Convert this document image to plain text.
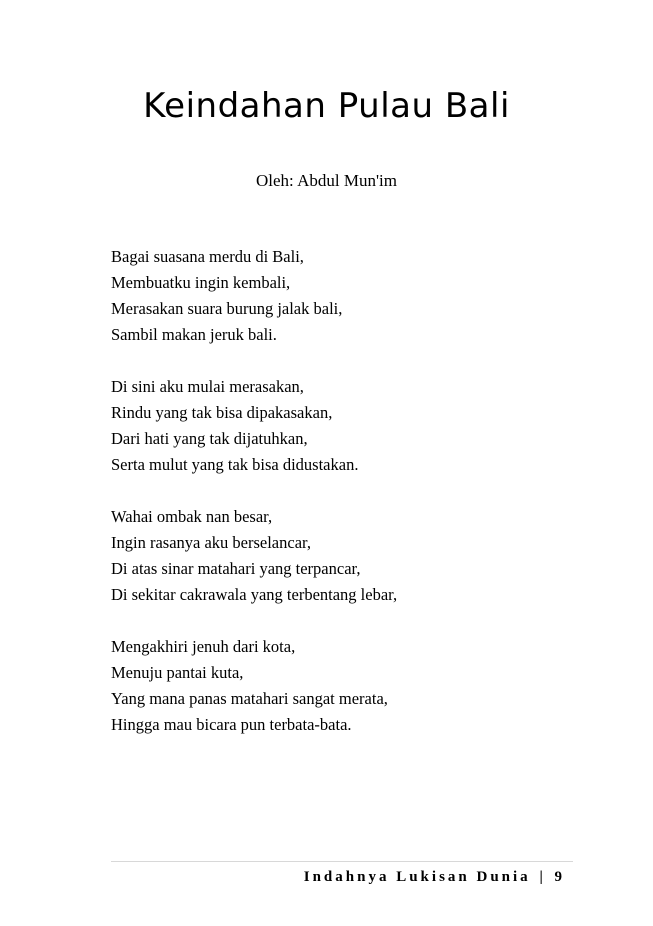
Keindahan Pulau Bali

Oleh: Abdul Mun'im

Bagai suasana merdu di Bali,
Membuatku ingin kembali,
Merasakan suara burung jalak bali,
Sambil makan jeruk bali.
Di sini aku mulai merasakan,
Rindu yang tak bisa dipakasakan,
Dari hati yang tak dijatuhkan,
Serta mulut yang tak bisa didustakan.
Wahai ombak nan besar,
Ingin rasanya aku berselancar,
Di atas sinar matahari yang terpancar,
Di sekitar cakrawala yang terbentang lebar,
Mengakhiri jenuh dari kota,
Menuju pantai kuta,
Yang mana panas matahari sangat merata,
Hingga mau bicara pun terbata-bata.
Indahnya Lukisan Dunia | 9
